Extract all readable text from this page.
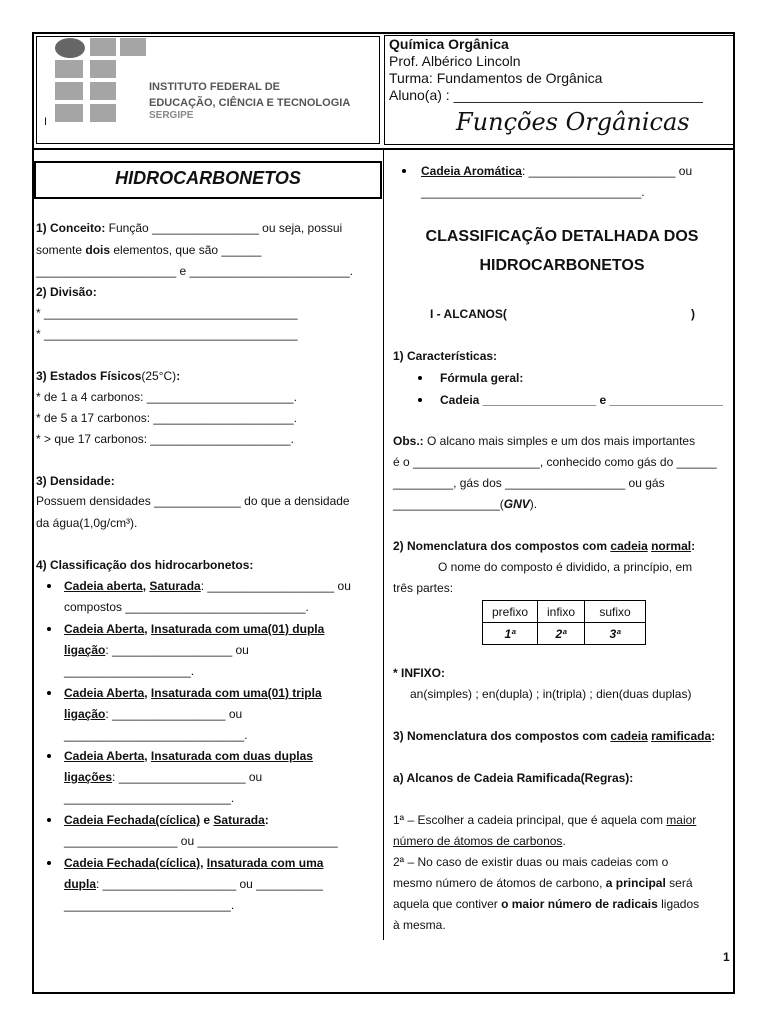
INSTITUTO FEDERAL DE
EDUCAÇÃO, CIÊNCIA E TECNOLOGIA
SERGIPE
I
Química Orgânica
Prof. Albérico Lincoln
Turma: Fundamentos de Orgânica
Aluno(a) : ________________________________
Funções Orgânicas
HIDROCARBONETOS
1) Conceito: Função ________________ ou seja, possui
somente dois elementos, que são ______
_____________________ e ________________________.
2) Divisão:
* ______________________________________
* ______________________________________
3) Estados Físicos(25°C):
* de 1 a 4 carbonos: ______________________.
* de 5 a 17 carbonos: _____________________.
* > que 17 carbonos: _____________________.
3) Densidade:
Possuem densidades _____________ do que a densidade
da água(1,0g/cm³).
4) Classificação dos hidrocarbonetos:
Cadeia aberta, Saturada: ___________________ ou
compostos ___________________________.
Cadeia Aberta, Insaturada com uma(01) dupla
ligação: __________________ ou
___________________.
Cadeia Aberta, Insaturada com uma(01) tripla
ligação: _________________ ou
___________________________.
Cadeia Aberta, Insaturada com duas duplas
ligações: ___________________ ou
_________________________.
Cadeia Fechada(cíclica) e Saturada:
_________________ ou _____________________
Cadeia Fechada(cíclica), Insaturada com uma
dupla: ____________________ ou __________
_________________________.
Cadeia Aromática: ______________________ ou
_________________________________.
CLASSIFICAÇÃO DETALHADA DOS
HIDROCARBONETOS
I - ALCANOS(	)
1) Características:
Fórmula geral:
Cadeia _________________ e _________________
Obs.: O alcano mais simples e um dos mais importantes
é o ___________________, conhecido como gás do ______
_________, gás dos __________________ ou gás
________________(GNV).
2) Nomenclatura dos compostos com cadeia normal:
O nome do composto é dividido, a princípio, em
três partes:
prefixo	infixo	sufixo
1ª	2ª	3ª
* INFIXO:
an(simples) ; en(dupla) ; in(tripla) ; dien(duas duplas)
3) Nomenclatura dos compostos com cadeia ramificada:
a) Alcanos de Cadeia Ramificada(Regras):
1ª – Escolher a cadeia principal, que é aquela com maior
número de átomos de carbonos.
2ª – No caso de existir duas ou mais cadeias com o
mesmo número de átomos de carbono, a principal será
aquela que contiver o maior número de radicais ligados
à mesma.
1
